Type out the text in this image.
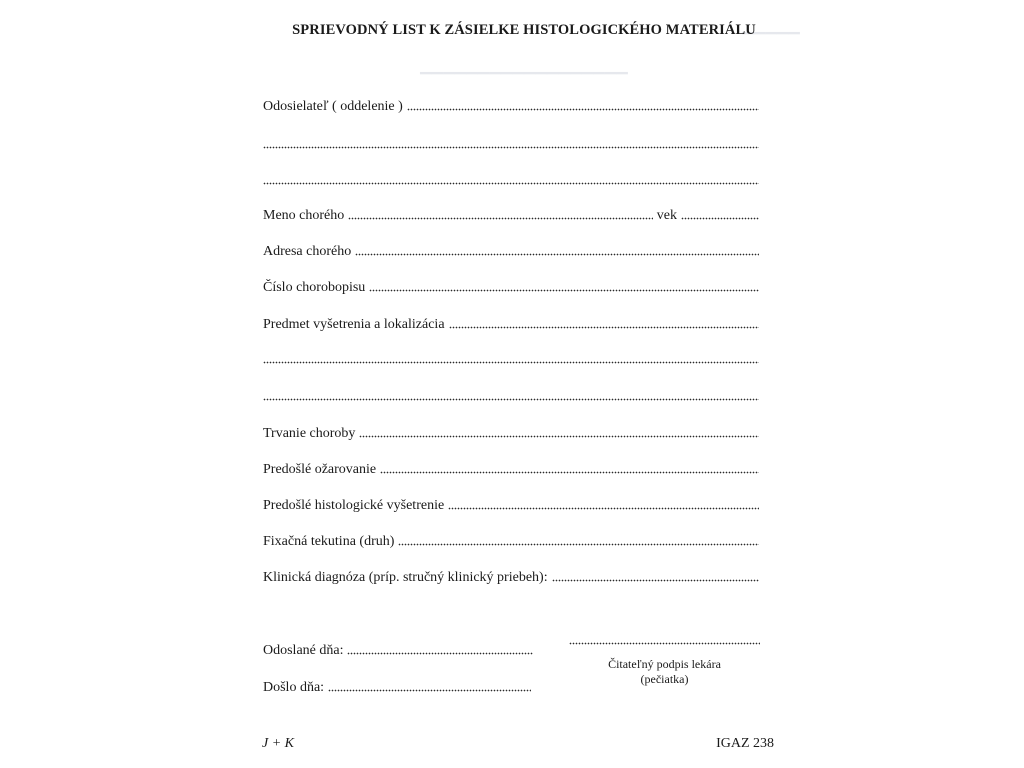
▔▔▔▔▔
▔▔▔▔▔▔▔▔▔▔▔▔▔▔▔▔▔▔
SPRIEVODNÝ LIST K ZÁSIELKE HISTOLOGICKÉHO MATERIÁLU
Odosielateľ ( oddelenie )
Meno chorého	vek
Adresa chorého
Číslo chorobopisu
Predmet vyšetrenia a lokalizácia
Trvanie choroby
Predošlé ožarovanie
Predošlé histologické vyšetrenie
Fixačná tekutina (druh)
Klinická diagnóza (príp. stručný klinický priebeh):
Odoslané dňa:
Došlo dňa:
Čitateľný podpis lekára
(pečiatka)
J + K	IGAZ 238
